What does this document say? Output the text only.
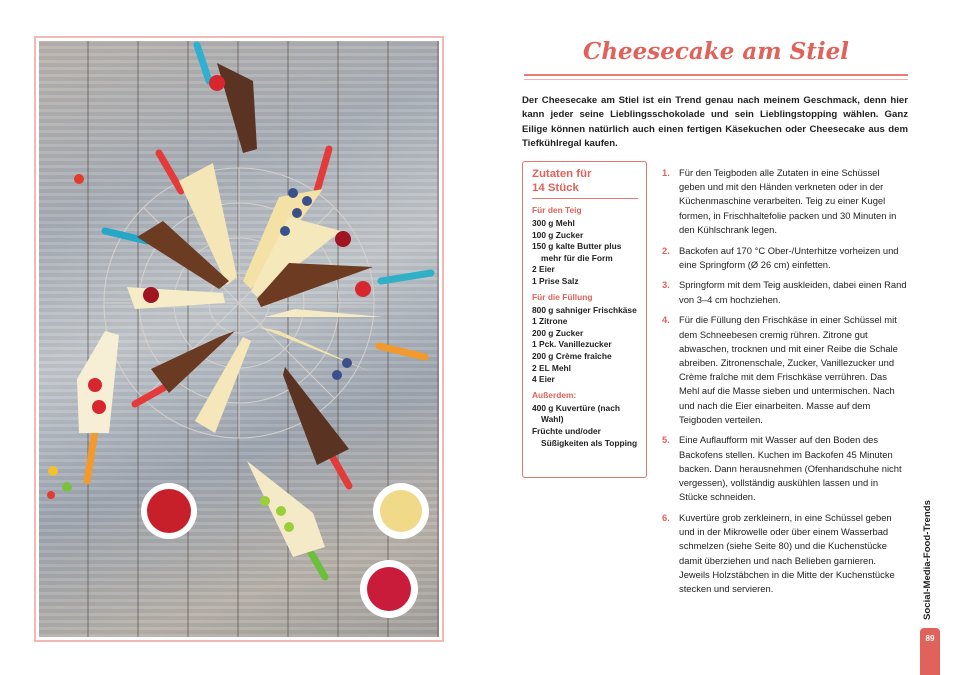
Cheesecake am Stiel

Der Cheesecake am Stiel ist ein Trend genau nach meinem Geschmack, denn hier kann jeder seine Lieblingsschokolade und sein Lieblingstopping wählen. Ganz Eilige können natürlich auch einen fertigen Käsekuchen oder Cheesecake aus dem Tiefkühlregal kaufen.

Zutaten für
14 Stück
Für den Teig
300 g Mehl
100 g Zucker
150 g kalte Butter plus mehr für die Form
2 Eier
1 Prise Salz
Für die Füllung
800 g sahniger Frischkäse
1 Zitrone
200 g Zucker
1 Pck. Vanillezucker
200 g Crème fraîche
2 EL Mehl
4 Eier
Außerdem:
400 g Kuvertüre (nach Wahl)
Früchte und/oder Süßigkeiten als Topping
1. Für den Teigboden alle Zutaten in eine Schüssel geben und mit den Händen verkneten oder in der Küchenmaschine verarbeiten. Teig zu einer Kugel formen, in Frischhaltefolie packen und 30 Minuten in den Kühlschrank legen.
2. Backofen auf 170 °C Ober-/Unterhitze vorheizen und eine Springform (Ø 26 cm) einfetten.
3. Springform mit dem Teig auskleiden, dabei einen Rand von 3–4 cm hochziehen.
4. Für die Füllung den Frischkäse in einer Schüssel mit dem Schneebesen cremig rühren. Zitrone gut abwaschen, trocknen und mit einer Reibe die Schale abreiben. Zitronenschale, Zucker, Vanillezucker und Crème fraîche mit dem Frischkäse verrühren. Das Mehl auf die Masse sieben und untermischen. Nach und nach die Eier einarbeiten. Masse auf dem Teigboden verteilen.
5. Eine Auflaufform mit Wasser auf den Boden des Backofens stellen. Kuchen im Backofen 45 Minuten backen. Dann herausnehmen (Ofenhandschuhe nicht vergessen), vollständig auskühlen lassen und in Stücke schneiden.
6. Kuvertüre grob zerkleinern, in eine Schüssel geben und in der Mikrowelle oder über einem Wasserbad schmelzen (siehe Seite 80) und die Kuchenstücke damit überziehen und nach Belieben garnieren. Jeweils Holzstäbchen in die Mitte der Kuchenstücke stecken und servieren.	Social-Media-Food-Trends
89
